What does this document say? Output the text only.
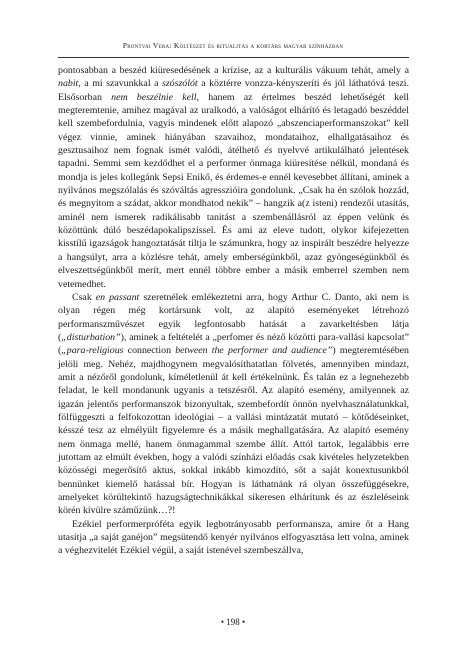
Prontvai Vera: Költészet és ritualitás a kortárs magyar színházban

pontosabban a beszéd kiüresedésének a krízise, az a kulturális vákuum tehát, amely a nabit, a mi szavunkkal a szószólót a köztérre vonzza-kényszeríti és jól láthatóvá teszi. Elsősorban nem beszélnie kell, hanem az értelmes beszéd lehetőségét kell megteremtenie, amihez magával az uralkodó, a valóságot elhárító és letagadó beszéddel kell szembefordulnia, vagyis mindenek előtt alapozó „abszenciaperformanszokat” kell végez vinnie, aminek hiányában szavaihoz, mondataihoz, elhallgatásaihoz és gesztusaihoz nem fognak ismét valódi, átélhető és nyelvvé artikulálható jelentések tapadni. Semmi sem kezdődhet el a performer önmaga kiüresítése nélkül, mondaná és mondja is jeles kollegánk Sepsi Enikő, és érdemes-e ennél kevesebbet állítani, aminek a nyilvános megszólalás és szóváltás agresszióira gondolunk. „Csak ha én szólok hozzád, és megnyitom a szádat, akkor mondhatod nekik” – hangzik a(z isteni) rendezői utasítás, aminél nem ismerek radikálisabb tanítást a szembenállásról az éppen velünk és közöttünk dúló beszédapokalipszissel. És ami az eleve tudott, olykor kifejezetten kisstílű igazságok hangoztatását tiltja le számunkra, hogy az inspirált beszédre helyezze a hangsúlyt, arra a közlésre tehát, amely emberségünkből, azaz gyöngeségünkből és elveszettségünkből merít, mert ennél többre ember a másik emberrel szemben nem vetemedhet.

Csak en passant szeretnélek emlékeztetni arra, hogy Arthur C. Danto, aki nem is olyan régen még kortársunk volt, az alapító eseményeket létrehozó performanszművészet egyik legfontosabb hatását a zavarkeltésben látja („disturbation”), aminek a feltételét a „perfomer és néző közötti para-vallási kapcsolat” („para-religious connection between the performer and audience”) megteremtésében jelöli meg. Nehéz, majdhogynem megvalósíthatatlan fölvetés, amennyiben mindazt, amit a nézőről gondolunk, kíméletlenül át kell értékelnünk. És talán ez a legnehezebb feladat, le kell mondanunk ugyanis a tetszésről. Az alapító esemény, amilyennek az igazán jelentős performanszok bizonyultak, szembefordít önnön nyelvhasználatunkkal, fölfüggeszti a felfokozottan ideológiai – a vallási mintázatát mutató – kötődéseinket, késszé tesz az elmélyült figyelemre és a másik meghallgatására. Az alapító esemény nem önmaga mellé, hanem önmagammal szembe állít. Attól tartok, legalábbis erre jutottam az elmúlt években, hogy a valódi színházi előadás csak kivételes helyzetekben közösségi megerősítő aktus, sokkal inkább kimozdító, sőt a saját konextusunkból bennünket kiemelő hatással bír. Hogyan is láthatnánk rá olyan összefüggésekre, amelyeket körültekintő hazugságtechnikákkal sikeresen elhárítunk és az észleléseink körén kívülre száműzünk…?!

Ezékiel performerpróféta egyik legbotrányosabb performansza, amire őt a Hang utasítja „a saját ganéjon” megsütendő kenyér nyilvános elfogyasztása lett volna, aminek a véghezvitelét Ezékiel végül, a saját istenével szembeszállva,

• 198 •
